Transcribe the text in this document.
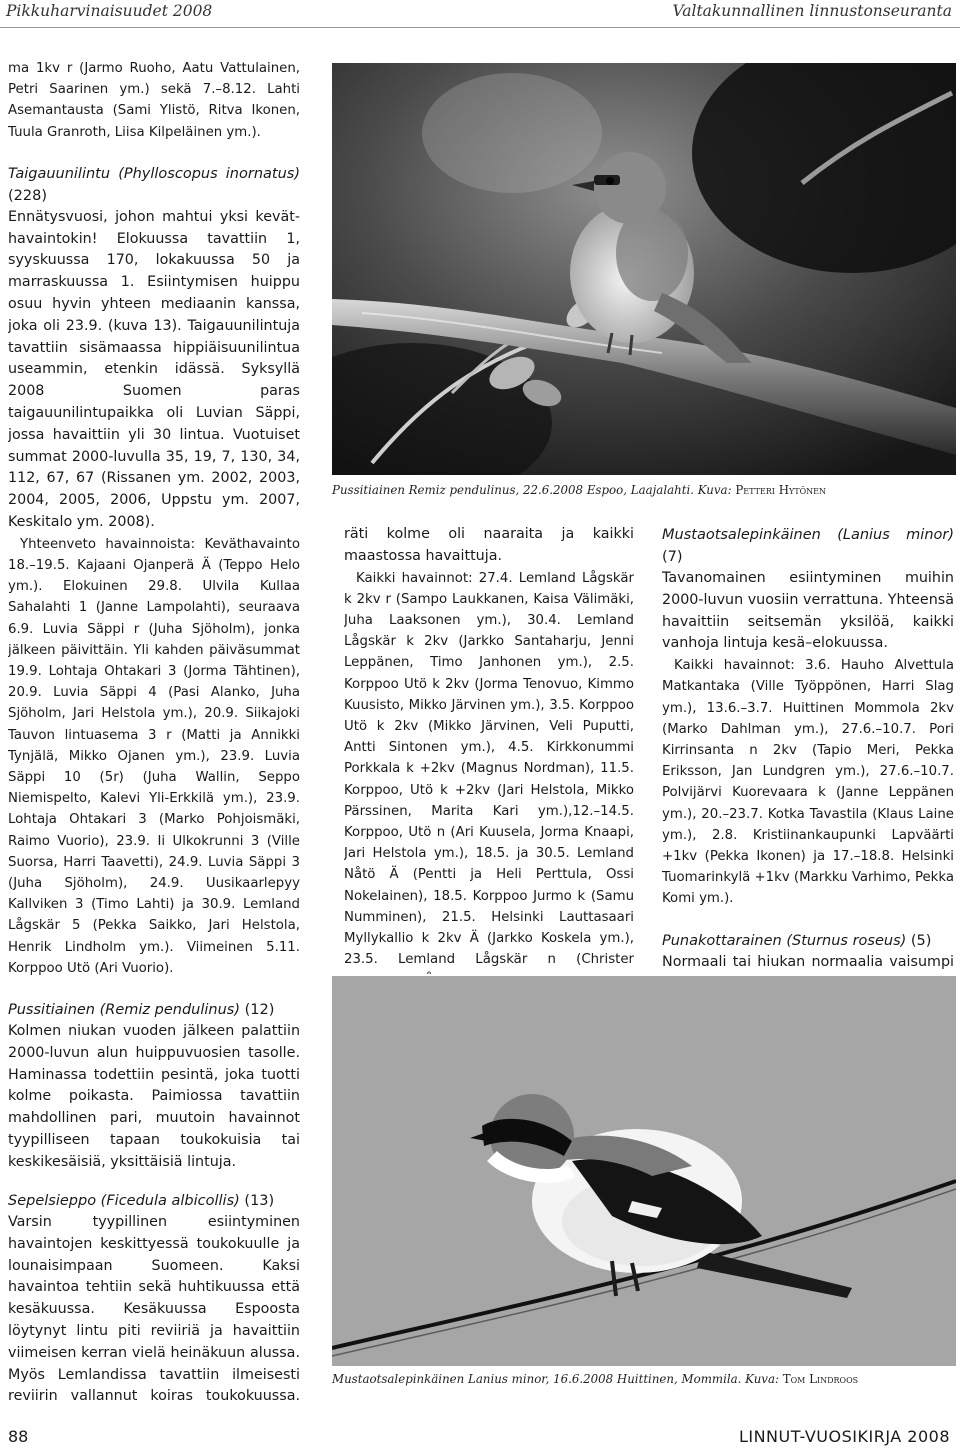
Pikkuharvinaisuudet 2008	Valtakunnallinen linnustonseuranta

ma 1kv r (Jarmo Ruoho, Aatu Vattulainen, Petri Saarinen ym.) sekä 7.–8.12. Lahti Asemantausta (Sami Ylistö, Ritva Ikonen, Tuula Granroth, Liisa Kilpeläinen ym.).

Taigauunilintu (Phylloscopus inornatus) (228)

Ennätysvuosi, johon mahtui yksi keväthavaintokin! Elokuussa tavattiin 1, syyskuussa 170, lokakuussa 50 ja marraskuussa 1. Esiintymisen huippu osuu hyvin yhteen mediaanin kanssa, joka oli 23.9. (kuva 13). Taigauunilintuja tavattiin sisämaassa hippiäisuunilintua useammin, etenkin idässä. Syksyllä 2008 Suomen paras taigauunilintupaikka oli Luvian Säppi, jossa havaittiin yli 30 lintua. Vuotuiset summat 2000-luvulla 35, 19, 7, 130, 34, 112, 67, 67 (Rissanen ym. 2002, 2003, 2004, 2005, 2006, Uppstu ym. 2007, Keskitalo ym. 2008).

Yhteenveto havainnoista: Keväthavainto 18.–19.5. Kajaani Ojanperä Ä (Teppo Helo ym.). Elokuinen 29.8. Ulvila Kullaa Sahalahti 1 (Janne Lampolahti), seuraava 6.9. Luvia Säppi r (Juha Sjöholm), jonka jälkeen päivittäin. Yli kahden päiväsummat 19.9. Lohtaja Ohtakari 3 (Jorma Tähtinen), 20.9. Luvia Säppi 4 (Pasi Alanko, Juha Sjöholm, Jari Helstola ym.), 20.9. Siikajoki Tauvon lintuasema 3 r (Matti ja Annikki Tynjälä, Mikko Ojanen ym.), 23.9. Luvia Säppi 10 (5r) (Juha Wallin, Seppo Niemispelto, Kalevi Yli-Erkkilä ym.), 23.9. Lohtaja Ohtakari 3 (Marko Pohjoismäki, Raimo Vuorio), 23.9. Ii Ulkokrunni 3 (Ville Suorsa, Harri Taavetti), 24.9. Luvia Säppi 3 (Juha Sjöholm), 24.9. Uusikaarlepyy Kallviken 3 (Timo Lahti) ja 30.9. Lemland Lågskär 5 (Pekka Saikko, Jari Helstola, Henrik Lindholm ym.). Viimeinen 5.11. Korppoo Utö (Ari Vuorio).

Pussitiainen (Remiz pendulinus) (12)

Kolmen niukan vuoden jälkeen palattiin 2000-luvun alun huippuvuosien tasolle. Haminassa todettiin pesintä, joka tuotti kolme poikasta. Paimiossa tavattiin mahdollinen pari, muutoin havainnot tyypilliseen tapaan toukokuisia tai keskikesäisiä, yksittäisiä lintuja.

Sepelsieppo (Ficedula albicollis) (13)

Varsin tyypillinen esiintyminen havaintojen keskittyessä toukokuulle ja lounaisimpaan Suomeen. Kaksi havaintoa tehtiin sekä huhtikuussa että kesäkuussa. Kesäkuussa Espoosta löytynyt lintu piti reviiriä ja havaittiin viimeisen kerran vielä heinäkuun alussa. Myös Lemlandissa tavattiin ilmeisesti reviirin vallannut koiras toukokuussa.

Pussitiainen Remiz pendulinus, 22.6.2008 Espoo, Laajalahti. Kuva: Petteri Hytönen

räti kolme oli naaraita ja kaikki maastossa havaittuja.

Kaikki havainnot: 27.4. Lemland Lågskär k 2kv r (Sampo Laukkanen, Kaisa Välimäki, Juha Laaksonen ym.), 30.4. Lemland Lågskär k 2kv (Jarkko Santaharju, Jenni Leppänen, Timo Janhonen ym.), 2.5. Korppoo Utö k 2kv (Jorma Tenovuo, Kimmo Kuusisto, Mikko Järvinen ym.), 3.5. Korppoo Utö k 2kv (Mikko Järvinen, Veli Puputti, Antti Sintonen ym.), 4.5. Kirkkonummi Porkkala k +2kv (Magnus Nordman), 11.5. Korppoo, Utö k +2kv (Jari Helstola, Mikko Pärssinen, Marita Kari ym.),12.–14.5. Korppoo, Utö n (Ari Kuusela, Jorma Knaapi, Jari Helstola ym.), 18.5. ja 30.5. Lemland Nåtö Ä (Pentti ja Heli Perttula, Ossi Nokelainen), 18.5. Korppoo Jurmo k (Samu Numminen), 21.5. Helsinki Lauttasaari Myllykallio k 2kv Ä (Jarkko Koskela ym.), 23.5. Lemland Lågskär n (Christer

Mustaotsalepinkäinen (Lanius minor) (7)

Tavanomainen esiintyminen muihin 2000-luvun vuosiin verrattuna. Yhteensä havaittiin seitsemän yksilöä, kaikki vanhoja lintuja kesä–elokuussa.

Kaikki havainnot: 3.6. Hauho Alvettula Matkantaka (Ville Työppönen, Harri Slag ym.), 13.6.–3.7. Huittinen Mommola 2kv (Marko Dahlman ym.), 27.6.–10.7. Pori Kirrinsanta n 2kv (Tapio Meri, Pekka Eriksson, Jan Lundgren ym.), 27.6.–10.7. Polvijärvi Kuorevaara k (Janne Leppänen ym.), 20.–23.7. Kotka Tavastila (Klaus Laine ym.), 2.8. Kristiinankaupunki Lapväärti +1kv (Pekka Ikonen) ja 17.–18.8. Helsinki Tuomarinkylä +1kv (Markku Varhimo, Pekka Komi ym.).

Punakottarainen (Sturnus roseus) (5)

Normaali tai hiukan normaalia vaisumpi

Mustaotsalepinkäinen Lanius minor, 16.6.2008 Huittinen, Mommila. Kuva: Tom Lindroos
88	LINNUT-VUOSIKIRJA 2008
